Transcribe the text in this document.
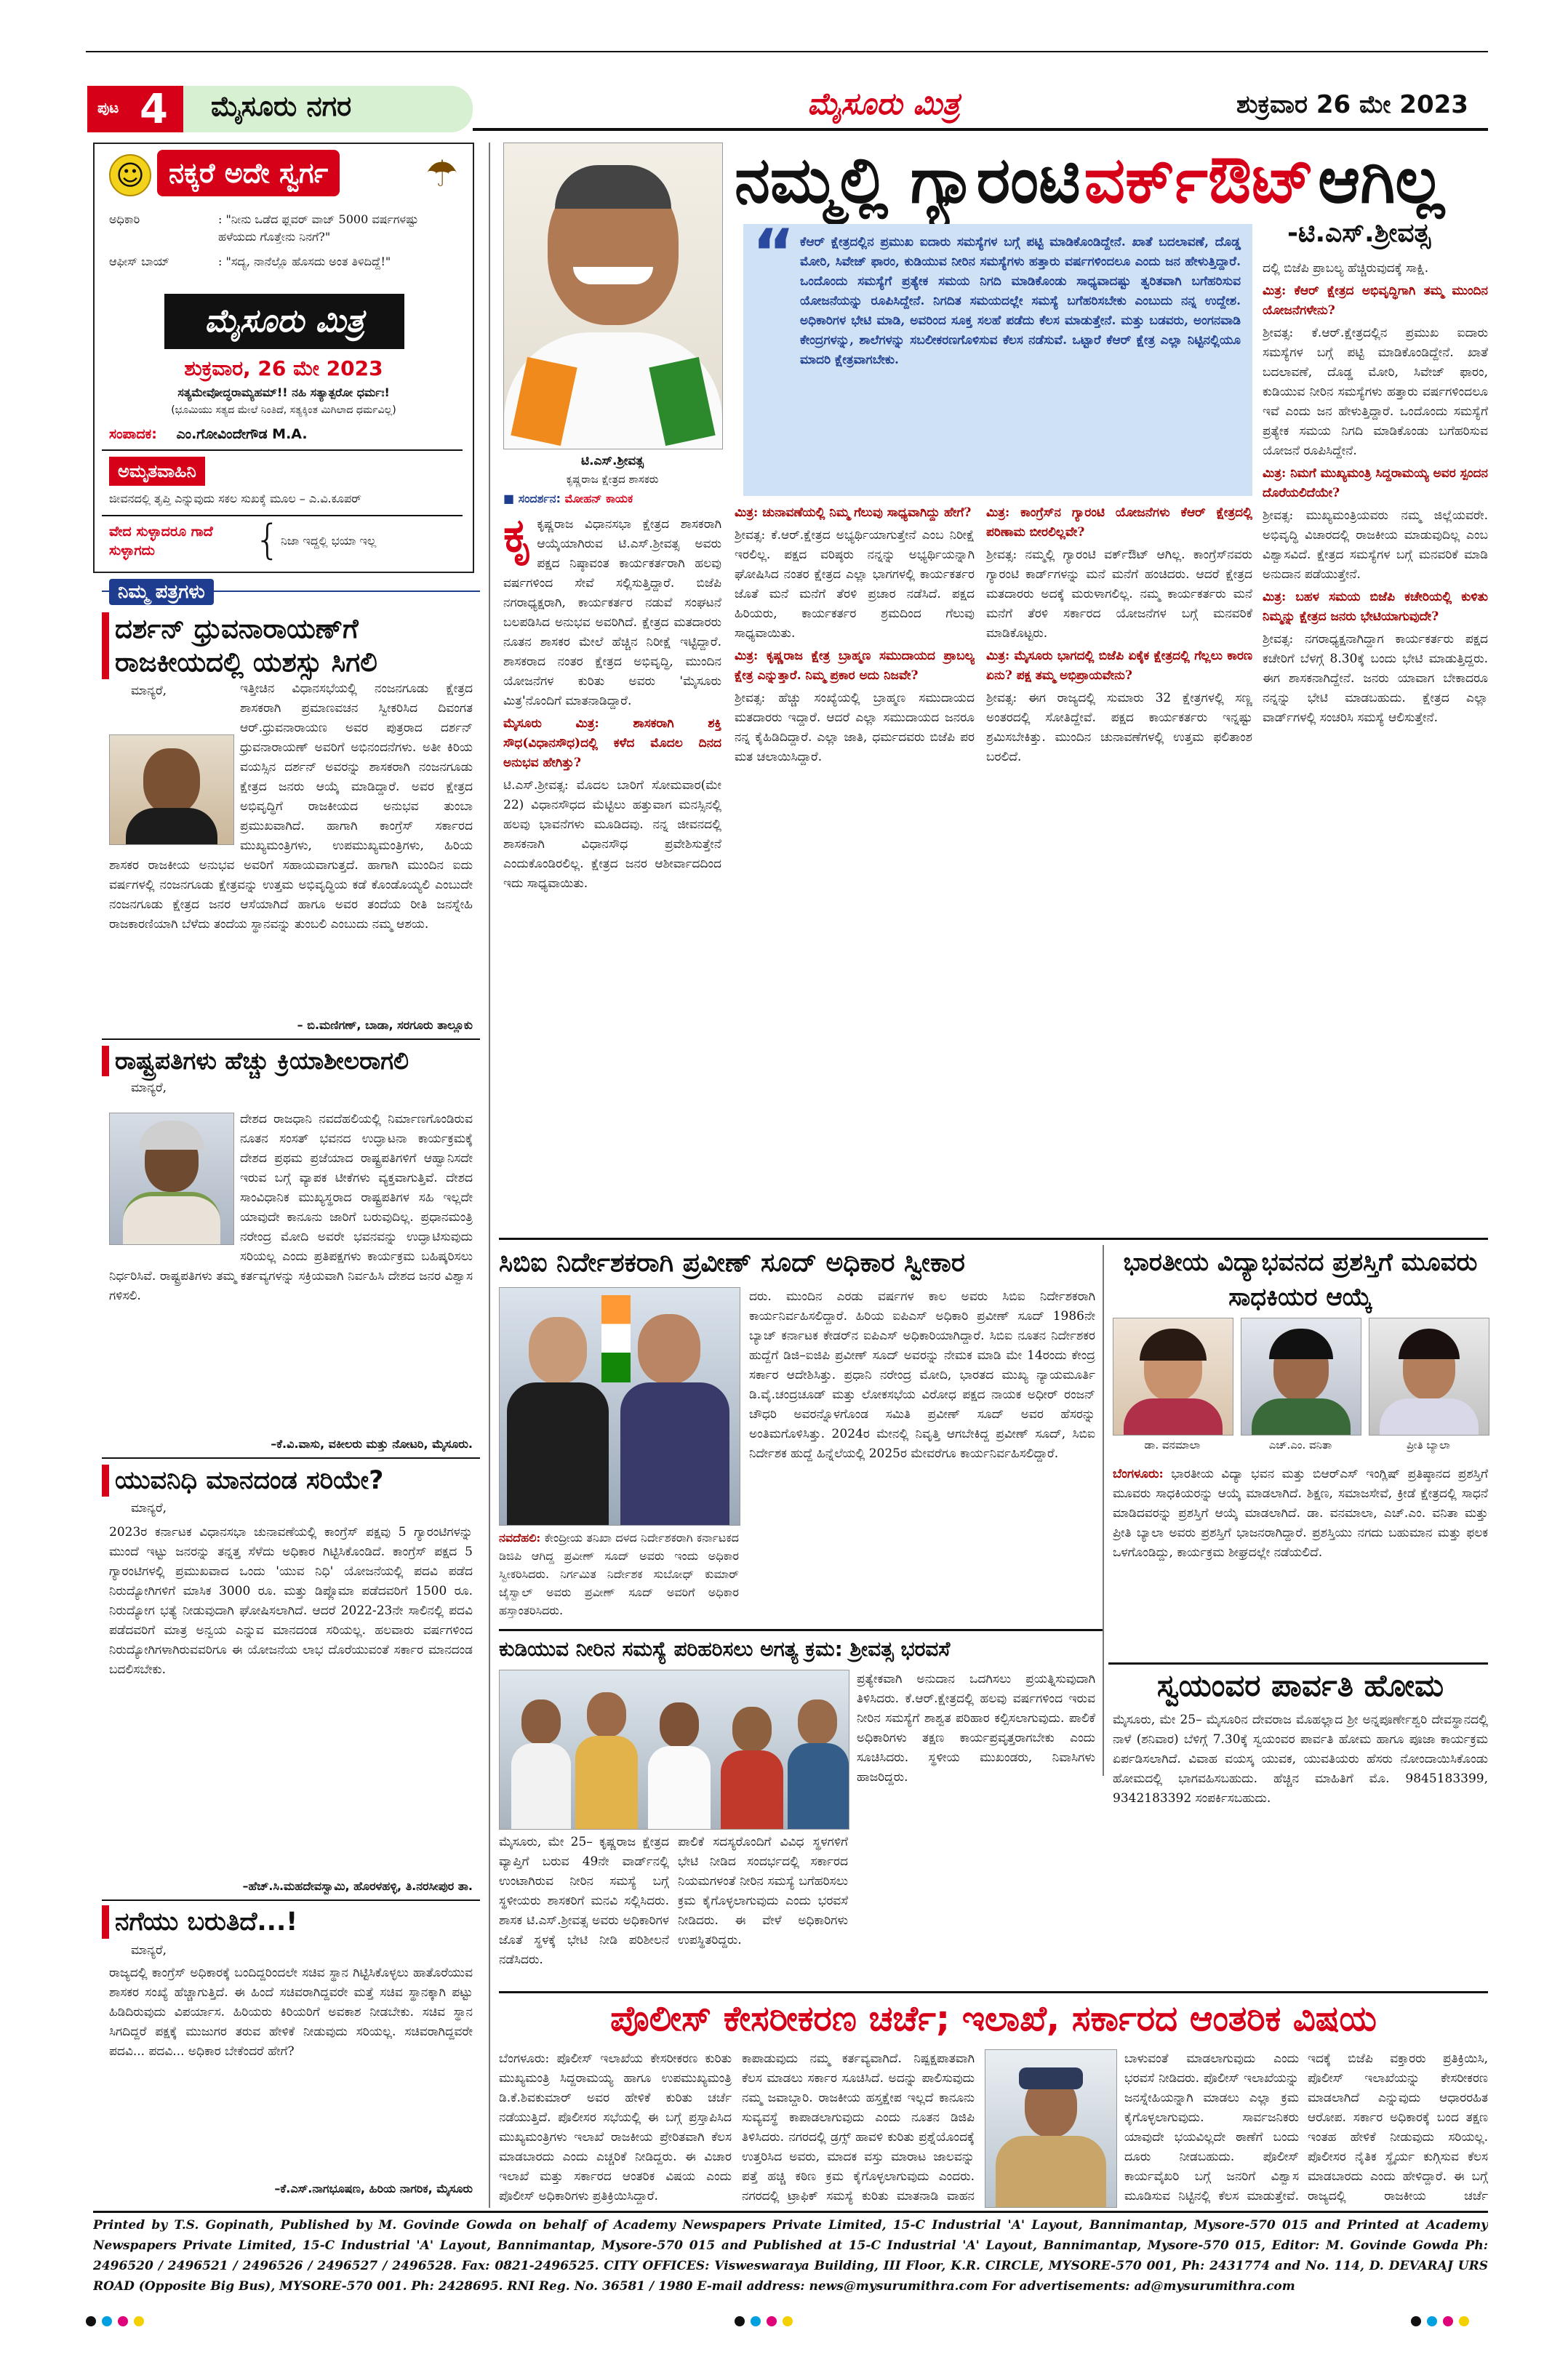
ಪುಟ 4 ಮೈಸೂರು ನಗರ	ಮೈಸೂರು ಮಿತ್ರ	ಶುಕ್ರವಾರ 26 ಮೇ 2023
☺ ನಕ್ಕರೆ ಅದೇ ಸ್ವರ್ಗ	☂
ಅಧಿಕಾರಿ	: "ನೀನು ಒಡೆದ ಫ್ಲವರ್ ವಾಜ್ 5000 ವರ್ಷಗಳಷ್ಟು ಹಳೆಯದು ಗೊತ್ತೇನು ನಿನಗೆ?"
ಆಫೀಸ್ ಬಾಯ್	: "ಸದ್ಯ, ನಾನೆಲ್ಲೊ ಹೊಸದು ಅಂತ ತಿಳಿದಿದ್ದೆ!"
ಮೈಸೂರು ಮಿತ್ರ
ಶುಕ್ರವಾರ, 26 ಮೇ 2023
ಸತ್ಯಮೇವೋದ್ಧರಾಮ್ಯಹಮ್!! ನಹಿ ಸತ್ಯಾತ್ಪರೋ ಧರ್ಮಃ!
(ಭೂಮಿಯು ಸತ್ಯದ ಮೇಲೆ ನಿಂತಿದೆ, ಸತ್ಯಕ್ಕಿಂತ ಮಿಗಿಲಾದ ಧರ್ಮವಿಲ್ಲ)
ಸಂಪಾದಕ: ಎಂ.ಗೋವಿಂದೇಗೌಡ M.A.
ಅಮೃತವಾಹಿನಿ
ಜೀವನದಲ್ಲಿ ತೃಪ್ತಿ ಎನ್ನುವುದು ಸಕಲ ಸುಖಕ್ಕೆ ಮೂಲ – ಎ.ವಿ.ಕೂಪರ್
ವೇದ ಸುಳ್ಳಾದರೂ ಗಾದೆ ಸುಳ್ಳಾಗದು	{ ನಿಜಾ ಇದ್ದಲ್ಲಿ ಭಯಾ ಇಲ್ಲ
ನಿಮ್ಮ ಪತ್ರಗಳು
ದರ್ಶನ್ ಧ್ರುವನಾರಾಯಣ್‌ಗೆ ರಾಜಕೀಯದಲ್ಲಿ ಯಶಸ್ಸು ಸಿಗಲಿ
ಮಾನ್ಯರೆ,	ಇತ್ತೀಚಿನ ವಿಧಾನಸಭೆಯಲ್ಲಿ ನಂಜನಗೂಡು ಕ್ಷೇತ್ರದ ಶಾಸಕರಾಗಿ ಪ್ರಮಾಣವಚನ ಸ್ವೀಕರಿಸಿದ ದಿವಂಗತ ಆರ್.ಧ್ರುವನಾರಾಯಣ ಅವರ ಪುತ್ರರಾದ ದರ್ಶನ್ ಧ್ರುವನಾರಾಯಣ್ ಅವರಿಗೆ ಅಭಿನಂದನೆಗಳು. ಅತೀ ಕಿರಿಯ ವಯಸ್ಸಿನ ದರ್ಶನ್ ಅವರನ್ನು ಶಾಸಕರಾಗಿ ನಂಜನಗೂಡು ಕ್ಷೇತ್ರದ ಜನರು ಆಯ್ಕೆ ಮಾಡಿದ್ದಾರೆ. ಅವರ ಕ್ಷೇತ್ರದ ಅಭಿವೃದ್ಧಿಗೆ ರಾಜಕೀಯದ ಅನುಭವ ತುಂಬಾ ಪ್ರಮುಖವಾಗಿದೆ. ಹಾಗಾಗಿ ಕಾಂಗ್ರೆಸ್ ಸರ್ಕಾರದ ಮುಖ್ಯಮಂತ್ರಿಗಳು, ಉಪಮುಖ್ಯಮಂತ್ರಿಗಳು, ಹಿರಿಯ ಶಾಸಕರ ರಾಜಕೀಯ ಅನುಭವ ಅವರಿಗೆ ಸಹಾಯವಾಗುತ್ತದೆ. ಹಾಗಾಗಿ ಮುಂದಿನ ಐದು ವರ್ಷಗಳಲ್ಲಿ ನಂಜನಗೂಡು ಕ್ಷೇತ್ರವನ್ನು ಉತ್ತಮ ಅಭಿವೃದ್ಧಿಯ ಕಡೆ ಕೊಂಡೊಯ್ಯಲಿ ಎಂಬುದೇ ನಂಜನಗೂಡು ಕ್ಷೇತ್ರದ ಜನರ ಆಸೆಯಾಗಿದೆ ಹಾಗೂ ಅವರ ತಂದೆಯ ರೀತಿ ಜನಸ್ನೇಹಿ ರಾಜಕಾರಣಿಯಾಗಿ ಬೆಳೆದು ತಂದೆಯ ಸ್ಥಾನವನ್ನು ತುಂಬಲಿ ಎಂಬುದು ನಮ್ಮ ಆಶಯ.

– ಬಿ.ಮಣಿಗಣ್, ಬಾಡಾ, ಸರಗೂರು ತಾಲ್ಲೂಕು
ರಾಷ್ಟ್ರಪತಿಗಳು ಹೆಚ್ಚು ಕ್ರಿಯಾಶೀಲರಾಗಲಿ
ಮಾನ್ಯರೆ,

ದೇಶದ ರಾಜಧಾನಿ ನವದೆಹಲಿಯಲ್ಲಿ ನಿರ್ಮಾಣಗೊಂಡಿರುವ ನೂತನ ಸಂಸತ್ ಭವನದ ಉದ್ಘಾಟನಾ ಕಾರ್ಯಕ್ರಮಕ್ಕೆ ದೇಶದ ಪ್ರಥಮ ಪ್ರಜೆಯಾದ ರಾಷ್ಟ್ರಪತಿಗಳಿಗೆ ಆಹ್ವಾನಿಸದೇ ಇರುವ ಬಗ್ಗೆ ವ್ಯಾಪಕ ಟೀಕೆಗಳು ವ್ಯಕ್ತವಾಗುತ್ತಿವೆ. ದೇಶದ ಸಾಂವಿಧಾನಿಕ ಮುಖ್ಯಸ್ಥರಾದ ರಾಷ್ಟ್ರಪತಿಗಳ ಸಹಿ ಇಲ್ಲದೇ ಯಾವುದೇ ಕಾನೂನು ಜಾರಿಗೆ ಬರುವುದಿಲ್ಲ. ಪ್ರಧಾನಮಂತ್ರಿ ನರೇಂದ್ರ ಮೋದಿ ಅವರೇ ಭವನವನ್ನು ಉದ್ಘಾಟಿಸುವುದು ಸರಿಯಲ್ಲ ಎಂದು ಪ್ರತಿಪಕ್ಷಗಳು ಕಾರ್ಯಕ್ರಮ ಬಹಿಷ್ಕರಿಸಲು ನಿರ್ಧರಿಸಿವೆ. ರಾಷ್ಟ್ರಪತಿಗಳು ತಮ್ಮ ಕರ್ತವ್ಯಗಳನ್ನು ಸಕ್ರಿಯವಾಗಿ ನಿರ್ವಹಿಸಿ ದೇಶದ ಜನರ ವಿಶ್ವಾಸ ಗಳಿಸಲಿ.

–ಕೆ.ವಿ.ವಾಸು, ವಕೀಲರು ಮತ್ತು ನೋಟರಿ, ಮೈಸೂರು.
ಯುವನಿಧಿ ಮಾನದಂಡ ಸರಿಯೇ?
ಮಾನ್ಯರೆ,

2023ರ ಕರ್ನಾಟಕ ವಿಧಾನಸಭಾ ಚುನಾವಣೆಯಲ್ಲಿ ಕಾಂಗ್ರೆಸ್ ಪಕ್ಷವು 5 ಗ್ಯಾರಂಟಿಗಳನ್ನು ಮುಂದೆ ಇಟ್ಟು ಜನರನ್ನು ತನ್ನತ್ತ ಸೆಳೆದು ಅಧಿಕಾರ ಗಿಟ್ಟಿಸಿಕೊಂಡಿದೆ. ಕಾಂಗ್ರೆಸ್ ಪಕ್ಷದ 5 ಗ್ಯಾರಂಟಿಗಳಲ್ಲಿ ಪ್ರಮುಖವಾದ ಒಂದು 'ಯುವ ನಿಧಿ' ಯೋಜನೆಯಲ್ಲಿ ಪದವಿ ಪಡೆದ ನಿರುದ್ಯೋಗಿಗಳಿಗೆ ಮಾಸಿಕ 3000 ರೂ. ಮತ್ತು ಡಿಪ್ಲೊಮಾ ಪಡೆದವರಿಗೆ 1500 ರೂ. ನಿರುದ್ಯೋಗ ಭತ್ಯೆ ನೀಡುವುದಾಗಿ ಘೋಷಿಸಲಾಗಿದೆ. ಆದರೆ 2022-23ನೇ ಸಾಲಿನಲ್ಲಿ ಪದವಿ ಪಡೆದವರಿಗೆ ಮಾತ್ರ ಅನ್ವಯ ಎನ್ನುವ ಮಾನದಂಡ ಸರಿಯಲ್ಲ. ಹಲವಾರು ವರ್ಷಗಳಿಂದ ನಿರುದ್ಯೋಗಿಗಳಾಗಿರುವವರಿಗೂ ಈ ಯೋಜನೆಯ ಲಾಭ ದೊರೆಯುವಂತೆ ಸರ್ಕಾರ ಮಾನದಂಡ ಬದಲಿಸಬೇಕು.

–ಹೆಚ್.ಸಿ.ಮಹದೇವಸ್ವಾಮಿ, ಹೊರಳಹಳ್ಳಿ, ತಿ.ನರಸೀಪುರ ತಾ.
ನಗೆಯು ಬರುತಿದೆ...!
ಮಾನ್ಯರೆ,

ರಾಜ್ಯದಲ್ಲಿ ಕಾಂಗ್ರೆಸ್ ಅಧಿಕಾರಕ್ಕೆ ಬಂದಿದ್ದರಿಂದಲೇ ಸಚಿವ ಸ್ಥಾನ ಗಿಟ್ಟಿಸಿಕೊಳ್ಳಲು ಹಾತೊರೆಯುವ ಶಾಸಕರ ಸಂಖ್ಯೆ ಹೆಚ್ಚಾಗುತ್ತಿದೆ. ಈ ಹಿಂದೆ ಸಚಿವರಾಗಿದ್ದವರೇ ಮತ್ತೆ ಸಚಿವ ಸ್ಥಾನಕ್ಕಾಗಿ ಪಟ್ಟು ಹಿಡಿದಿರುವುದು ವಿಪರ್ಯಾಸ. ಹಿರಿಯರು ಕಿರಿಯರಿಗೆ ಅವಕಾಶ ನೀಡಬೇಕು. ಸಚಿವ ಸ್ಥಾನ ಸಿಗದಿದ್ದರೆ ಪಕ್ಷಕ್ಕೆ ಮುಜುಗರ ತರುವ ಹೇಳಿಕೆ ನೀಡುವುದು ಸರಿಯಲ್ಲ. ಸಚಿವರಾಗಿದ್ದವರೇ ಪದವಿ... ಪದವಿ... ಅಧಿಕಾರ ಬೇಕೆಂದರೆ ಹೇಗೆ?

–ಕೆ.ಎಸ್.ನಾಗಭೂಷಣ, ಹಿರಿಯ ನಾಗರಿಕ, ಮೈಸೂರು
ಟಿ.ಎಸ್.ಶ್ರೀವತ್ಸ
ಕೃಷ್ಣರಾಜ ಕ್ಷೇತ್ರದ ಶಾಸಕರು
ನಮ್ಮಲ್ಲಿ ಗ್ಯಾರಂಟಿ ವರ್ಕ್‌ಔಟ್ ಆಗಿಲ್ಲ
-ಟಿ.ಎಸ್.ಶ್ರೀವತ್ಸ
“ ಕೆಆರ್ ಕ್ಷೇತ್ರದಲ್ಲಿನ ಪ್ರಮುಖ ಐದಾರು ಸಮಸ್ಯೆಗಳ ಬಗ್ಗೆ ಪಟ್ಟಿ ಮಾಡಿಕೊಂಡಿದ್ದೇನೆ. ಖಾತೆ ಬದಲಾವಣೆ, ದೊಡ್ಡ ಮೋರಿ, ಸಿವೇಜ್ ಫಾರಂ, ಕುಡಿಯುವ ನೀರಿನ ಸಮಸ್ಯೆಗಳು ಹತ್ತಾರು ವರ್ಷಗಳಿಂದಲೂ ಎಂದು ಜನ ಹೇಳುತ್ತಿದ್ದಾರೆ. ಒಂದೊಂದು ಸಮಸ್ಯೆಗೆ ಪ್ರತ್ಯೇಕ ಸಮಯ ನಿಗದಿ ಮಾಡಿಕೊಂಡು ಸಾಧ್ಯವಾದಷ್ಟು ತ್ವರಿತವಾಗಿ ಬಗೆಹರಿಸುವ ಯೋಜನೆಯನ್ನು ರೂಪಿಸಿದ್ದೇನೆ. ನಿಗದಿತ ಸಮಯದಲ್ಲೇ ಸಮಸ್ಯೆ ಬಗೆಹರಿಸಬೇಕು ಎಂಬುದು ನನ್ನ ಉದ್ದೇಶ. ಅಧಿಕಾರಿಗಳ ಭೇಟಿ ಮಾಡಿ, ಅವರಿಂದ ಸೂಕ್ತ ಸಲಹೆ ಪಡೆದು ಕೆಲಸ ಮಾಡುತ್ತೇನೆ. ಮತ್ತು ಬಡವರು, ಅಂಗನವಾಡಿ ಕೇಂದ್ರಗಳನ್ನು, ಶಾಲೆಗಳನ್ನು ಸಬಲೀಕರಣಗೊಳಿಸುವ ಕೆಲಸ ನಡೆಸುವೆ. ಒಟ್ಟಾರೆ ಕೆಆರ್ ಕ್ಷೇತ್ರ ಎಲ್ಲಾ ನಿಟ್ಟಿನಲ್ಲಿಯೂ ಮಾದರಿ ಕ್ಷೇತ್ರವಾಗಬೇಕು.

ದಲ್ಲಿ ಬಿಜೆಪಿ ಪ್ರಾಬಲ್ಯ ಹೆಚ್ಚಿರುವುದಕ್ಕೆ ಸಾಕ್ಷಿ.

ಮಿತ್ರ: ಕೆಆರ್ ಕ್ಷೇತ್ರದ ಅಭಿವೃದ್ಧಿಗಾಗಿ ತಮ್ಮ ಮುಂದಿನ ಯೋಜನೆಗಳೇನು?

ಶ್ರೀವತ್ಸ: ಕೆ.ಆರ್.ಕ್ಷೇತ್ರದಲ್ಲಿನ ಪ್ರಮುಖ ಐದಾರು ಸಮಸ್ಯೆಗಳ ಬಗ್ಗೆ ಪಟ್ಟಿ ಮಾಡಿಕೊಂಡಿದ್ದೇನೆ. ಖಾತೆ ಬದಲಾವಣೆ, ದೊಡ್ಡ ಮೋರಿ, ಸಿವೇಜ್ ಫಾರಂ, ಕುಡಿಯುವ ನೀರಿನ ಸಮಸ್ಯೆಗಳು ಹತ್ತಾರು ವರ್ಷಗಳಿಂದಲೂ ಇವೆ ಎಂದು ಜನ ಹೇಳುತ್ತಿದ್ದಾರೆ. ಒಂದೊಂದು ಸಮಸ್ಯೆಗೆ ಪ್ರತ್ಯೇಕ ಸಮಯ ನಿಗದಿ ಮಾಡಿಕೊಂಡು ಬಗೆಹರಿಸುವ ಯೋಜನೆ ರೂಪಿಸಿದ್ದೇನೆ.

ಮಿತ್ರ: ನಿಮಗೆ ಮುಖ್ಯಮಂತ್ರಿ ಸಿದ್ದರಾಮಯ್ಯ ಅವರ ಸ್ಪಂದನ ದೊರೆಯಲಿದೆಯೇ?

ಶ್ರೀವತ್ಸ: ಮುಖ್ಯಮಂತ್ರಿಯವರು ನಮ್ಮ ಜಿಲ್ಲೆಯವರೇ. ಅಭಿವೃದ್ಧಿ ವಿಚಾರದಲ್ಲಿ ರಾಜಕೀಯ ಮಾಡುವುದಿಲ್ಲ ಎಂಬ ವಿಶ್ವಾಸವಿದೆ. ಕ್ಷೇತ್ರದ ಸಮಸ್ಯೆಗಳ ಬಗ್ಗೆ ಮನವರಿಕೆ ಮಾಡಿ ಅನುದಾನ ಪಡೆಯುತ್ತೇನೆ.

ಮಿತ್ರ: ಬಹಳ ಸಮಯ ಬಿಜೆಪಿ ಕಚೇರಿಯಲ್ಲಿ ಕುಳಿತು ನಿಮ್ಮನ್ನು ಕ್ಷೇತ್ರದ ಜನರು ಭೇಟಿಯಾಗುವುದೇ?

ಶ್ರೀವತ್ಸ: ನಗರಾಧ್ಯಕ್ಷನಾಗಿದ್ದಾಗ ಕಾರ್ಯಕರ್ತರು ಪಕ್ಷದ ಕಚೇರಿಗೆ ಬೆಳಗ್ಗೆ 8.30ಕ್ಕೆ ಬಂದು ಭೇಟಿ ಮಾಡುತ್ತಿದ್ದರು. ಈಗ ಶಾಸಕನಾಗಿದ್ದೇನೆ. ಜನರು ಯಾವಾಗ ಬೇಕಾದರೂ ನನ್ನನ್ನು ಭೇಟಿ ಮಾಡಬಹುದು. ಕ್ಷೇತ್ರದ ಎಲ್ಲಾ ವಾರ್ಡ್‌ಗಳಲ್ಲಿ ಸಂಚರಿಸಿ ಸಮಸ್ಯೆ ಆಲಿಸುತ್ತೇನೆ.

■ ಸಂದರ್ಶನ: ಮೋಹನ್ ಕಾಯಕ

ಕೃಕೃಷ್ಣರಾಜ ವಿಧಾನಸಭಾ ಕ್ಷೇತ್ರದ ಶಾಸಕರಾಗಿ ಆಯ್ಕೆಯಾಗಿರುವ ಟಿ.ಎಸ್.ಶ್ರೀವತ್ಸ ಅವರು ಪಕ್ಷದ ನಿಷ್ಠಾವಂತ ಕಾರ್ಯಕರ್ತರಾಗಿ ಹಲವು ವರ್ಷಗಳಿಂದ ಸೇವೆ ಸಲ್ಲಿಸುತ್ತಿದ್ದಾರೆ. ಬಿಜೆಪಿ ನಗರಾಧ್ಯಕ್ಷರಾಗಿ, ಕಾರ್ಯಕರ್ತರ ನಡುವೆ ಸಂಘಟನೆ ಬಲಪಡಿಸಿದ ಅನುಭವ ಅವರಿಗಿದೆ. ಕ್ಷೇತ್ರದ ಮತದಾರರು ನೂತನ ಶಾಸಕರ ಮೇಲೆ ಹೆಚ್ಚಿನ ನಿರೀಕ್ಷೆ ಇಟ್ಟಿದ್ದಾರೆ. ಶಾಸಕರಾದ ನಂತರ ಕ್ಷೇತ್ರದ ಅಭಿವೃದ್ಧಿ, ಮುಂದಿನ ಯೋಜನೆಗಳ ಕುರಿತು ಅವರು 'ಮೈಸೂರು ಮಿತ್ರ'ನೊಂದಿಗೆ ಮಾತನಾಡಿದ್ದಾರೆ.

ಮೈಸೂರು ಮಿತ್ರ: ಶಾಸಕರಾಗಿ ಶಕ್ತಿ ಸೌಧ(ವಿಧಾನಸೌಧ)ದಲ್ಲಿ ಕಳೆದ ಮೊದಲ ದಿನದ ಅನುಭವ ಹೇಗಿತ್ತು?

ಟಿ.ಎಸ್.ಶ್ರೀವತ್ಸ: ಮೊದಲ ಬಾರಿಗೆ ಸೋಮವಾರ(ಮೇ 22) ವಿಧಾನಸೌಧದ ಮೆಟ್ಟಿಲು ಹತ್ತುವಾಗ ಮನಸ್ಸಿನಲ್ಲಿ ಹಲವು ಭಾವನೆಗಳು ಮೂಡಿದವು. ನನ್ನ ಜೀವನದಲ್ಲಿ ಶಾಸಕನಾಗಿ ವಿಧಾನಸೌಧ ಪ್ರವೇಶಿಸುತ್ತೇನೆ ಎಂದುಕೊಂಡಿರಲಿಲ್ಲ. ಕ್ಷೇತ್ರದ ಜನರ ಆಶೀರ್ವಾದದಿಂದ ಇದು ಸಾಧ್ಯವಾಯಿತು.

ಮಿತ್ರ: ಚುನಾವಣೆಯಲ್ಲಿ ನಿಮ್ಮ ಗೆಲುವು ಸಾಧ್ಯವಾಗಿದ್ದು ಹೇಗೆ?

ಶ್ರೀವತ್ಸ: ಕೆ.ಆರ್.ಕ್ಷೇತ್ರದ ಅಭ್ಯರ್ಥಿಯಾಗುತ್ತೇನೆ ಎಂಬ ನಿರೀಕ್ಷೆ ಇರಲಿಲ್ಲ. ಪಕ್ಷದ ವರಿಷ್ಠರು ನನ್ನನ್ನು ಅಭ್ಯರ್ಥಿಯನ್ನಾಗಿ ಘೋಷಿಸಿದ ನಂತರ ಕ್ಷೇತ್ರದ ಎಲ್ಲಾ ಭಾಗಗಳಲ್ಲಿ ಕಾರ್ಯಕರ್ತರ ಜೊತೆ ಮನೆ ಮನೆಗೆ ತೆರಳಿ ಪ್ರಚಾರ ನಡೆಸಿದೆ. ಪಕ್ಷದ ಹಿರಿಯರು, ಕಾರ್ಯಕರ್ತರ ಶ್ರಮದಿಂದ ಗೆಲುವು ಸಾಧ್ಯವಾಯಿತು.

ಮಿತ್ರ: ಕೃಷ್ಣರಾಜ ಕ್ಷೇತ್ರ ಬ್ರಾಹ್ಮಣ ಸಮುದಾಯದ ಪ್ರಾಬಲ್ಯ ಕ್ಷೇತ್ರ ಎನ್ನುತ್ತಾರೆ. ನಿಮ್ಮ ಪ್ರಕಾರ ಅದು ನಿಜವೇ?

ಶ್ರೀವತ್ಸ: ಹೆಚ್ಚು ಸಂಖ್ಯೆಯಲ್ಲಿ ಬ್ರಾಹ್ಮಣ ಸಮುದಾಯದ ಮತದಾರರು ಇದ್ದಾರೆ. ಆದರೆ ಎಲ್ಲಾ ಸಮುದಾಯದ ಜನರೂ ನನ್ನ ಕೈಹಿಡಿದಿದ್ದಾರೆ. ಎಲ್ಲಾ ಜಾತಿ, ಧರ್ಮದವರು ಬಿಜೆಪಿ ಪರ ಮತ ಚಲಾಯಿಸಿದ್ದಾರೆ.

ಮಿತ್ರ: ಕಾಂಗ್ರೆಸ್‌ನ ಗ್ಯಾರಂಟಿ ಯೋಜನೆಗಳು ಕೆಆರ್ ಕ್ಷೇತ್ರದಲ್ಲಿ ಪರಿಣಾಮ ಬೀರಲಿಲ್ಲವೇ?

ಶ್ರೀವತ್ಸ: ನಮ್ಮಲ್ಲಿ ಗ್ಯಾರಂಟಿ ವರ್ಕ್‌ಔಟ್ ಆಗಿಲ್ಲ. ಕಾಂಗ್ರೆಸ್‌ನವರು ಗ್ಯಾರಂಟಿ ಕಾರ್ಡ್‌ಗಳನ್ನು ಮನೆ ಮನೆಗೆ ಹಂಚಿದರು. ಆದರೆ ಕ್ಷೇತ್ರದ ಮತದಾರರು ಅದಕ್ಕೆ ಮರುಳಾಗಲಿಲ್ಲ. ನಮ್ಮ ಕಾರ್ಯಕರ್ತರು ಮನೆ ಮನೆಗೆ ತೆರಳಿ ಸರ್ಕಾರದ ಯೋಜನೆಗಳ ಬಗ್ಗೆ ಮನವರಿಕೆ ಮಾಡಿಕೊಟ್ಟರು.

ಮಿತ್ರ: ಮೈಸೂರು ಭಾಗದಲ್ಲಿ ಬಿಜೆಪಿ ಏಕೈಕ ಕ್ಷೇತ್ರದಲ್ಲಿ ಗೆಲ್ಲಲು ಕಾರಣ ಏನು? ಪಕ್ಷ ತಮ್ಮ ಅಭಿಪ್ರಾಯವೇನು?

ಶ್ರೀವತ್ಸ: ಈಗ ರಾಜ್ಯದಲ್ಲಿ ಸುಮಾರು 32 ಕ್ಷೇತ್ರಗಳಲ್ಲಿ ಸಣ್ಣ ಅಂತರದಲ್ಲಿ ಸೋತಿದ್ದೇವೆ. ಪಕ್ಷದ ಕಾರ್ಯಕರ್ತರು ಇನ್ನಷ್ಟು ಶ್ರಮಿಸಬೇಕಿತ್ತು. ಮುಂದಿನ ಚುನಾವಣೆಗಳಲ್ಲಿ ಉತ್ತಮ ಫಲಿತಾಂಶ ಬರಲಿದೆ.

ಸಿಬಿಐ ನಿರ್ದೇಶಕರಾಗಿ ಪ್ರವೀಣ್ ಸೂದ್ ಅಧಿಕಾರ ಸ್ವೀಕಾರ

ನವದೆಹಲಿ: ಕೇಂದ್ರೀಯ ತನಿಖಾ ದಳದ ನಿರ್ದೇಶಕರಾಗಿ ಕರ್ನಾಟಕದ ಡಿಜಿಪಿ ಆಗಿದ್ದ ಪ್ರವೀಣ್ ಸೂದ್ ಅವರು ಇಂದು ಅಧಿಕಾರ ಸ್ವೀಕರಿಸಿದರು. ನಿರ್ಗಮಿತ ನಿರ್ದೇಶಕ ಸುಬೋಧ್ ಕುಮಾರ್ ಜೈಸ್ವಾಲ್ ಅವರು ಪ್ರವೀಣ್ ಸೂದ್ ಅವರಿಗೆ ಅಧಿಕಾರ ಹಸ್ತಾಂತರಿಸಿದರು.

ದರು. ಮುಂದಿನ ಎರಡು ವರ್ಷಗಳ ಕಾಲ ಅವರು ಸಿಬಿಐ ನಿರ್ದೇಶಕರಾಗಿ ಕಾರ್ಯನಿರ್ವಹಿಸಲಿದ್ದಾರೆ. ಹಿರಿಯ ಐಪಿಎಸ್ ಅಧಿಕಾರಿ ಪ್ರವೀಣ್ ಸೂದ್ 1986ನೇ ಬ್ಯಾಚ್ ಕರ್ನಾಟಕ ಕೇಡರ್‌ನ ಐಪಿಎಸ್ ಅಧಿಕಾರಿಯಾಗಿದ್ದಾರೆ. ಸಿಬಿಐ ನೂತನ ನಿರ್ದೇಶಕರ ಹುದ್ದೆಗೆ ಡಿಜಿ–ಐಜಿಪಿ ಪ್ರವೀಣ್ ಸೂದ್ ಅವರನ್ನು ನೇಮಕ ಮಾಡಿ ಮೇ 14ರಂದು ಕೇಂದ್ರ ಸರ್ಕಾರ ಆದೇಶಿಸಿತ್ತು. ಪ್ರಧಾನಿ ನರೇಂದ್ರ ಮೋದಿ, ಭಾರತದ ಮುಖ್ಯ ನ್ಯಾಯಮೂರ್ತಿ ಡಿ.ವೈ.ಚಂದ್ರಚೂಡ್ ಮತ್ತು ಲೋಕಸಭೆಯ ವಿರೋಧ ಪಕ್ಷದ ನಾಯಕ ಅಧೀರ್ ರಂಜನ್ ಚೌಧರಿ ಅವರನ್ನೊಳಗೊಂಡ ಸಮಿತಿ ಪ್ರವೀಣ್ ಸೂದ್ ಅವರ ಹೆಸರನ್ನು ಅಂತಿಮಗೊಳಿಸಿತ್ತು. 2024ರ ಮೇನಲ್ಲಿ ನಿವೃತ್ತಿ ಆಗಬೇಕಿದ್ದ ಪ್ರವೀಣ್ ಸೂದ್, ಸಿಬಿಐ ನಿರ್ದೇಶಕ ಹುದ್ದೆ ಹಿನ್ನೆಲೆಯಲ್ಲಿ 2025ರ ಮೇವರೆಗೂ ಕಾರ್ಯನಿರ್ವಹಿಸಲಿದ್ದಾರೆ.

ಭಾರತೀಯ ವಿದ್ಯಾಭವನದ ಪ್ರಶಸ್ತಿಗೆ ಮೂವರು ಸಾಧಕಿಯರ ಆಯ್ಕೆ
ಡಾ. ವನಮಾಲಾ	ಎಚ್.ಎಂ. ವನಿತಾ	ಪ್ರೀತಿ ಬ್ಯಾಲಾ

ಬೆಂಗಳೂರು: ಭಾರತೀಯ ವಿದ್ಯಾ ಭವನ ಮತ್ತು ಬಿಆರ್‌ಎಸ್ ಇಂಗ್ಲಿಷ್ ಪ್ರತಿಷ್ಠಾನದ ಪ್ರಶಸ್ತಿಗೆ ಮೂವರು ಸಾಧಕಿಯರನ್ನು ಆಯ್ಕೆ ಮಾಡಲಾಗಿದೆ. ಶಿಕ್ಷಣ, ಸಮಾಜಸೇವೆ, ಕ್ರೀಡೆ ಕ್ಷೇತ್ರದಲ್ಲಿ ಸಾಧನೆ ಮಾಡಿದವರನ್ನು ಪ್ರಶಸ್ತಿಗೆ ಆಯ್ಕೆ ಮಾಡಲಾಗಿದೆ. ಡಾ. ವನಮಾಲಾ, ಎಚ್.ಎಂ. ವನಿತಾ ಮತ್ತು ಪ್ರೀತಿ ಬ್ಯಾಲಾ ಅವರು ಪ್ರಶಸ್ತಿಗೆ ಭಾಜನರಾಗಿದ್ದಾರೆ. ಪ್ರಶಸ್ತಿಯು ನಗದು ಬಹುಮಾನ ಮತ್ತು ಫಲಕ ಒಳಗೊಂಡಿದ್ದು, ಕಾರ್ಯಕ್ರಮ ಶೀಘ್ರದಲ್ಲೇ ನಡೆಯಲಿದೆ.

ಸ್ವಯಂವರ ಪಾರ್ವತಿ ಹೋಮ

ಮೈಸೂರು, ಮೇ 25– ಮೈಸೂರಿನ ದೇವರಾಜ ಮೊಹಲ್ಲಾದ ಶ್ರೀ ಅನ್ನಪೂರ್ಣೇಶ್ವರಿ ದೇವಸ್ಥಾನದಲ್ಲಿ ನಾಳೆ (ಶನಿವಾರ) ಬೆಳಿಗ್ಗೆ 7.30ಕ್ಕೆ ಸ್ವಯಂವರ ಪಾರ್ವತಿ ಹೋಮ ಹಾಗೂ ಪೂಜಾ ಕಾರ್ಯಕ್ರಮ ಏರ್ಪಡಿಸಲಾಗಿದೆ. ವಿವಾಹ ವಯಸ್ಕ ಯುವಕ, ಯುವತಿಯರು ಹೆಸರು ನೋಂದಾಯಿಸಿಕೊಂಡು ಹೋಮದಲ್ಲಿ ಭಾಗವಹಿಸಬಹುದು. ಹೆಚ್ಚಿನ ಮಾಹಿತಿಗೆ ಮೊ. 9845183399, 9342183392 ಸಂಪರ್ಕಿಸಬಹುದು.

ಕುಡಿಯುವ ನೀರಿನ ಸಮಸ್ಯೆ ಪರಿಹರಿಸಲು ಅಗತ್ಯ ಕ್ರಮ: ಶ್ರೀವತ್ಸ ಭರವಸೆ

ಮೈಸೂರು, ಮೇ 25– ಕೃಷ್ಣರಾಜ ಕ್ಷೇತ್ರದ ವ್ಯಾಪ್ತಿಗೆ ಬರುವ 49ನೇ ವಾರ್ಡ್‌ನಲ್ಲಿ ಉಂಟಾಗಿರುವ ನೀರಿನ ಸಮಸ್ಯೆ ಬಗ್ಗೆ ಸ್ಥಳೀಯರು ಶಾಸಕರಿಗೆ ಮನವಿ ಸಲ್ಲಿಸಿದರು. ಶಾಸಕ ಟಿ.ಎಸ್.ಶ್ರೀವತ್ಸ ಅವರು ಅಧಿಕಾರಿಗಳ ಜೊತೆ ಸ್ಥಳಕ್ಕೆ ಭೇಟಿ ನೀಡಿ ಪರಿಶೀಲನೆ ನಡೆಸಿದರು.

ಪಾಲಿಕೆ ಸದಸ್ಯರೊಂದಿಗೆ ವಿವಿಧ ಸ್ಥಳಗಳಿಗೆ ಭೇಟಿ ನೀಡಿದ ಸಂದರ್ಭದಲ್ಲಿ ಸರ್ಕಾರದ ನಿಯಮಗಳಂತೆ ನೀರಿನ ಸಮಸ್ಯೆ ಬಗೆಹರಿಸಲು ಕ್ರಮ ಕೈಗೊಳ್ಳಲಾಗುವುದು ಎಂದು ಭರವಸೆ ನೀಡಿದರು. ಈ ವೇಳೆ ಅಧಿಕಾರಿಗಳು ಉಪಸ್ಥಿತರಿದ್ದರು.

ಪ್ರತ್ಯೇಕವಾಗಿ ಅನುದಾನ ಒದಗಿಸಲು ಪ್ರಯತ್ನಿಸುವುದಾಗಿ ತಿಳಿಸಿದರು. ಕೆ.ಆರ್.ಕ್ಷೇತ್ರದಲ್ಲಿ ಹಲವು ವರ್ಷಗಳಿಂದ ಇರುವ ನೀರಿನ ಸಮಸ್ಯೆಗೆ ಶಾಶ್ವತ ಪರಿಹಾರ ಕಲ್ಪಿಸಲಾಗುವುದು. ಪಾಲಿಕೆ ಅಧಿಕಾರಿಗಳು ತಕ್ಷಣ ಕಾರ್ಯಪ್ರವೃತ್ತರಾಗಬೇಕು ಎಂದು ಸೂಚಿಸಿದರು. ಸ್ಥಳೀಯ ಮುಖಂಡರು, ನಿವಾಸಿಗಳು ಹಾಜರಿದ್ದರು.

ಪೊಲೀಸ್ ಕೇಸರೀಕರಣ ಚರ್ಚೆ; ಇಲಾಖೆ, ಸರ್ಕಾರದ ಆಂತರಿಕ ವಿಷಯ

ಬೆಂಗಳೂರು: ಪೊಲೀಸ್ ಇಲಾಖೆಯ ಕೇಸರೀಕರಣ ಕುರಿತು ಮುಖ್ಯಮಂತ್ರಿ ಸಿದ್ದರಾಮಯ್ಯ ಹಾಗೂ ಉಪಮುಖ್ಯಮಂತ್ರಿ ಡಿ.ಕೆ.ಶಿವಕುಮಾರ್ ಅವರ ಹೇಳಿಕೆ ಕುರಿತು ಚರ್ಚೆ ನಡೆಯುತ್ತಿದೆ. ಪೊಲೀಸರ ಸಭೆಯಲ್ಲಿ ಈ ಬಗ್ಗೆ ಪ್ರಸ್ತಾಪಿಸಿದ ಮುಖ್ಯಮಂತ್ರಿಗಳು ಇಲಾಖೆ ರಾಜಕೀಯ ಪ್ರೇರಿತವಾಗಿ ಕೆಲಸ ಮಾಡಬಾರದು ಎಂದು ಎಚ್ಚರಿಕೆ ನೀಡಿದ್ದರು. ಈ ವಿಚಾರ ಇಲಾಖೆ ಮತ್ತು ಸರ್ಕಾರದ ಆಂತರಿಕ ವಿಷಯ ಎಂದು ಪೊಲೀಸ್ ಅಧಿಕಾರಿಗಳು ಪ್ರತಿಕ್ರಿಯಿಸಿದ್ದಾರೆ.

ಕಾಪಾಡುವುದು ನಮ್ಮ ಕರ್ತವ್ಯವಾಗಿದೆ. ನಿಷ್ಪಕ್ಷಪಾತವಾಗಿ ಕೆಲಸ ಮಾಡಲು ಸರ್ಕಾರ ಸೂಚಿಸಿದೆ. ಅದನ್ನು ಪಾಲಿಸುವುದು ನಮ್ಮ ಜವಾಬ್ದಾರಿ. ರಾಜಕೀಯ ಹಸ್ತಕ್ಷೇಪ ಇಲ್ಲದೆ ಕಾನೂನು ಸುವ್ಯವಸ್ಥೆ ಕಾಪಾಡಲಾಗುವುದು ಎಂದು ನೂತನ ಡಿಜಿಪಿ ತಿಳಿಸಿದರು. ನಗರದಲ್ಲಿ ಡ್ರಗ್ಸ್ ಹಾವಳಿ ಕುರಿತು ಪ್ರಶ್ನೆಯೊಂದಕ್ಕೆ ಉತ್ತರಿಸಿದ ಅವರು, ಮಾದಕ ವಸ್ತು ಮಾರಾಟ ಜಾಲವನ್ನು ಪತ್ತೆ ಹಚ್ಚಿ ಕಠಿಣ ಕ್ರಮ ಕೈಗೊಳ್ಳಲಾಗುವುದು ಎಂದರು. ನಗರದಲ್ಲಿ ಟ್ರಾಫಿಕ್ ಸಮಸ್ಯೆ ಕುರಿತು ಮಾತನಾಡಿ ವಾಹನ

ಬಾಳುವಂತೆ ಮಾಡಲಾಗುವುದು ಎಂದು ಭರವಸೆ ನೀಡಿದರು. ಪೊಲೀಸ್ ಇಲಾಖೆಯನ್ನು ಜನಸ್ನೇಹಿಯನ್ನಾಗಿ ಮಾಡಲು ಎಲ್ಲಾ ಕ್ರಮ ಕೈಗೊಳ್ಳಲಾಗುವುದು. ಸಾರ್ವಜನಿಕರು ಯಾವುದೇ ಭಯವಿಲ್ಲದೇ ಠಾಣೆಗೆ ಬಂದು ದೂರು ನೀಡಬಹುದು. ಪೊಲೀಸ್ ಕಾರ್ಯವೈಖರಿ ಬಗ್ಗೆ ಜನರಿಗೆ ವಿಶ್ವಾಸ ಮೂಡಿಸುವ ನಿಟ್ಟಿನಲ್ಲಿ ಕೆಲಸ ಮಾಡುತ್ತೇವೆ.

ಇದಕ್ಕೆ ಬಿಜೆಪಿ ವಕ್ತಾರರು ಪ್ರತಿಕ್ರಿಯಿಸಿ, ಪೊಲೀಸ್ ಇಲಾಖೆಯನ್ನು ಕೇಸರೀಕರಣ ಮಾಡಲಾಗಿದೆ ಎನ್ನುವುದು ಆಧಾರರಹಿತ ಆರೋಪ. ಸರ್ಕಾರ ಅಧಿಕಾರಕ್ಕೆ ಬಂದ ತಕ್ಷಣ ಇಂತಹ ಹೇಳಿಕೆ ನೀಡುವುದು ಸರಿಯಲ್ಲ. ಪೊಲೀಸರ ನೈತಿಕ ಸ್ಥೈರ್ಯ ಕುಗ್ಗಿಸುವ ಕೆಲಸ ಮಾಡಬಾರದು ಎಂದು ಹೇಳಿದ್ದಾರೆ. ಈ ಬಗ್ಗೆ ರಾಜ್ಯದಲ್ಲಿ ರಾಜಕೀಯ ಚರ್ಚೆ

Printed by T.S. Gopinath, Published by M. Govinde Gowda on behalf of Academy Newspapers Private Limited, 15-C Industrial 'A' Layout, Bannimantap, Mysore-570 015 and Printed at Academy Newspapers Private Limited, 15-C Industrial 'A' Layout, Bannimantap, Mysore-570 015 and Published at 15-C Industrial 'A' Layout, Bannimantap, Mysore-570 015, Editor: M. Govinde Gowda Ph: 2496520 / 2496521 / 2496526 / 2496527 / 2496528. Fax: 0821-2496525. CITY OFFICES: Visweswaraya Building, III Floor, K.R. CIRCLE, MYSORE-570 001, Ph: 2431774 and No. 114, D. DEVARAJ URS ROAD (Opposite Big Bus), MYSORE-570 001. Ph: 2428695. RNI Reg. No. 36581 / 1980 E-mail address: news@mysurumithra.com For advertisements: ad@mysurumithra.com
